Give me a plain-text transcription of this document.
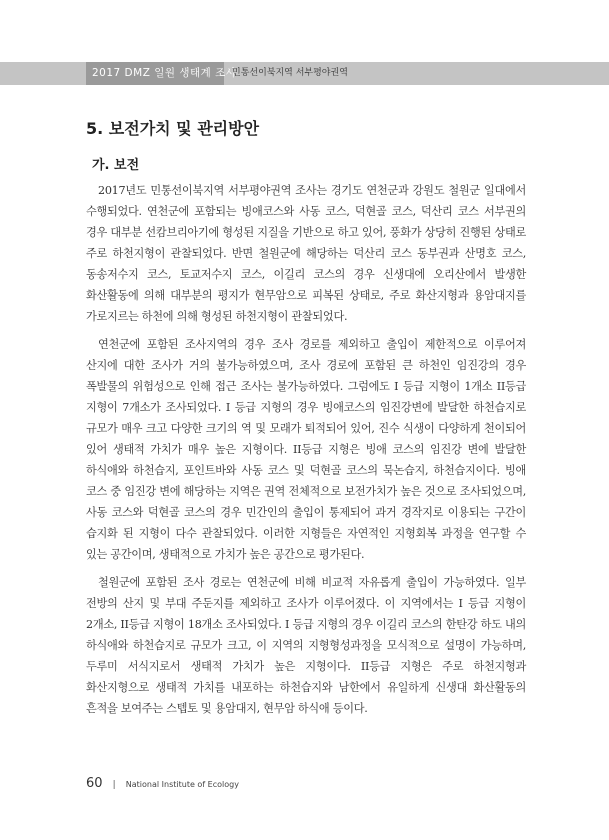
2017 DMZ 일원 생태계 조사
민통선이북지역 서부평야권역
5. 보전가치 및 관리방안
가. 보전

2017년도 민통선이북지역 서부평야권역 조사는 경기도 연천군과 강원도 철원군 일대에서 수행되었다. 연천군에 포함되는 빙애코스와 사동 코스, 덕현골 코스, 덕산리 코스 서부권의 경우 대부분 선캄브리아기에 형성된 지질을 기반으로 하고 있어, 풍화가 상당히 진행된 상태로 주로 하천지형이 관찰되었다. 반면 철원군에 해당하는 덕산리 코스 동부권과 산명호 코스, 동송저수지 코스, 토교저수지 코스, 이길리 코스의 경우 신생대에 오리산에서 발생한 화산활동에 의해 대부분의 평지가 현무암으로 피복된 상태로, 주로 화산지형과 용암대지를 가로지르는 하천에 의해 형성된 하천지형이 관찰되었다.

연천군에 포함된 조사지역의 경우 조사 경로를 제외하고 출입이 제한적으로 이루어져 산지에 대한 조사가 거의 불가능하였으며, 조사 경로에 포함된 큰 하천인 임진강의 경우 폭발물의 위험성으로 인해 접근 조사는 불가능하였다. 그럼에도 I 등급 지형이 1개소 II등급 지형이 7개소가 조사되었다. I 등급 지형의 경우 빙애코스의 임진강변에 발달한 하천습지로 규모가 매우 크고 다양한 크기의 역 및 모래가 퇴적되어 있어, 진수 식생이 다양하게 천이되어 있어 생태적 가치가 매우 높은 지형이다. II등급 지형은 빙애 코스의 임진강 변에 발달한 하식애와 하천습지, 포인트바와 사동 코스 및 덕현골 코스의 묵논습지, 하천습지이다. 빙애 코스 중 임진강 변에 해당하는 지역은 권역 전체적으로 보전가치가 높은 것으로 조사되었으며, 사동 코스와 덕현골 코스의 경우 민간인의 출입이 통제되어 과거 경작지로 이용되는 구간이 습지화 된 지형이 다수 관찰되었다. 이러한 지형들은 자연적인 지형회복 과정을 연구할 수 있는 공간이며, 생태적으로 가치가 높은 공간으로 평가된다.

철원군에 포함된 조사 경로는 연천군에 비해 비교적 자유롭게 출입이 가능하였다. 일부 전방의 산지 및 부대 주둔지를 제외하고 조사가 이루어졌다. 이 지역에서는 I 등급 지형이 2개소, II등급 지형이 18개소 조사되었다. I 등급 지형의 경우 이길리 코스의 한탄강 하도 내의 하식애와 하천습지로 규모가 크고, 이 지역의 지형형성과정을 모식적으로 설명이 가능하며, 두루미 서식지로서 생태적 가치가 높은 지형이다. II등급 지형은 주로 하천지형과 화산지형으로 생태적 가치를 내포하는 하천습지와 남한에서 유일하게 신생대 화산활동의 흔적을 보여주는 스텝토 및 용암대지, 현무암 하식애 등이다.

60 | National Institute of Ecology
